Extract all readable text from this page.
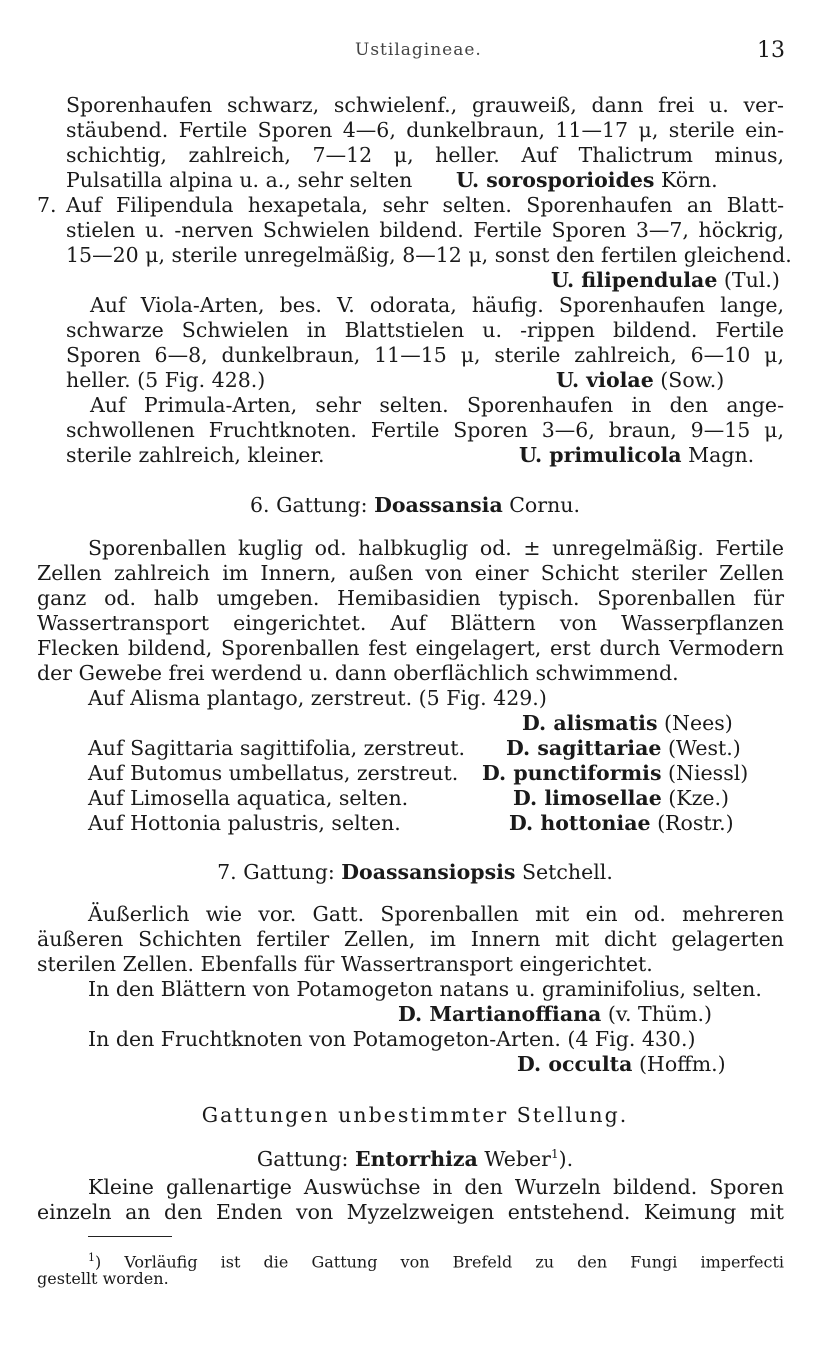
Ustilagineae.	13
Sporenhaufen schwarz, schwielenf., grauweiß, dann frei u. ver-
stäubend. Fertile Sporen 4—6, dunkelbraun, 11—17 μ, sterile ein-
schichtig, zahlreich, 7—12 μ, heller. Auf Thalictrum minus,
Pulsatilla alpina u. a., sehr selten U. sorosporioides Körn.
7. Auf Filipendula hexapetala, sehr selten. Sporenhaufen an Blatt-
stielen u. -nerven Schwielen bildend. Fertile Sporen 3—7, höckrig,
15—20 μ, sterile unregelmäßig, 8—12 μ, sonst den fertilen gleichend.
U. filipendulae (Tul.)
Auf Viola-Arten, bes. V. odorata, häufig. Sporenhaufen lange,
schwarze Schwielen in Blattstielen u. -rippen bildend. Fertile
Sporen 6—8, dunkelbraun, 11—15 μ, sterile zahlreich, 6—10 μ,
heller. (5 Fig. 428.)	U. violae (Sow.)
Auf Primula-Arten, sehr selten. Sporenhaufen in den ange-
schwollenen Fruchtknoten. Fertile Sporen 3—6, braun, 9—15 μ,
sterile zahlreich, kleiner.	U. primulicola Magn.
6. Gattung: Doassansia Cornu.
Sporenballen kuglig od. halbkuglig od. ± unregelmäßig. Fertile
Zellen zahlreich im Innern, außen von einer Schicht steriler Zellen
ganz od. halb umgeben. Hemibasidien typisch. Sporenballen für
Wassertransport eingerichtet. Auf Blättern von Wasserpflanzen
Flecken bildend, Sporenballen fest eingelagert, erst durch Vermodern
der Gewebe frei werdend u. dann oberflächlich schwimmend.
Auf Alisma plantago, zerstreut. (5 Fig. 429.)
D. alismatis (Nees)
Auf Sagittaria sagittifolia, zerstreut. D. sagittariae (West.)
Auf Butomus umbellatus, zerstreut. D. punctiformis (Niessl)
Auf Limosella aquatica, selten.	D. limosellae (Kze.)
Auf Hottonia palustris, selten.	D. hottoniae (Rostr.)
7. Gattung: Doassansiopsis Setchell.
Äußerlich wie vor. Gatt. Sporenballen mit ein od. mehreren
äußeren Schichten fertiler Zellen, im Innern mit dicht gelagerten
sterilen Zellen. Ebenfalls für Wassertransport eingerichtet.
In den Blättern von Potamogeton natans u. graminifolius, selten.
D. Martianoffiana (v. Thüm.)
In den Fruchtknoten von Potamogeton-Arten. (4 Fig. 430.)
D. occulta (Hoffm.)
Gattungen unbestimmter Stellung.
Gattung: Entorrhiza Weber$^1$).
Kleine gallenartige Auswüchse in den Wurzeln bildend. Sporen
einzeln an den Enden von Myzelzweigen entstehend. Keimung mit
$^1$) Vorläufig ist die Gattung von Brefeld zu den Fungi imperfecti
gestellt worden.
